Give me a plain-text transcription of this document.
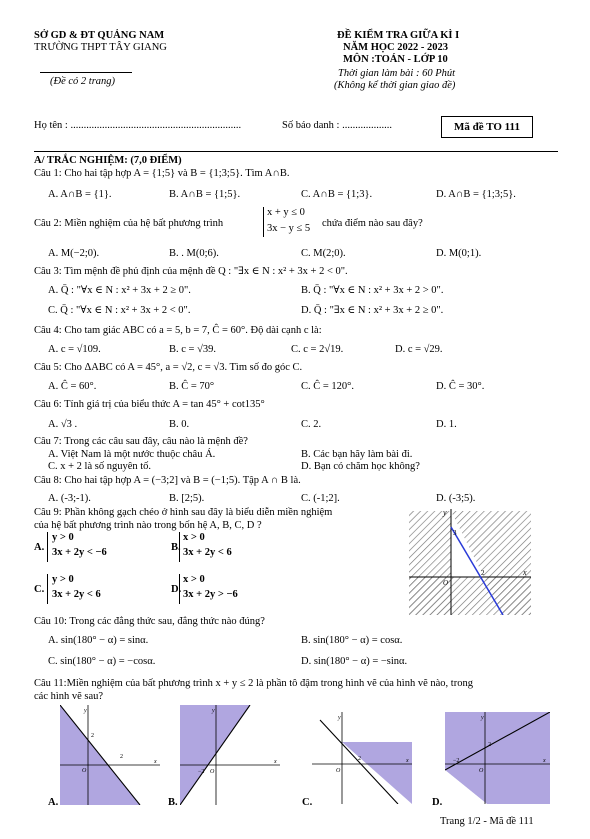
SỞ GD & ĐT QUẢNG NAM
TRƯỜNG THPT TÂY GIANG
(Đề có 2 trang)
ĐỀ KIỂM TRA GIỮA KÌ I
NĂM HỌC 2022 - 2023
MÔN :TOÁN - LỚP 10
Thời gian làm bài : 60 Phút
(Không kể thời gian giao đề)
Họ tên : .................................................................	Số báo danh : ...................	Mã đề TO 111
A/ TRẮC NGHIỆM: (7,0 ĐIỂM)
Câu 1: Cho hai tập hợp A = {1;5} và B = {1;3;5}. Tìm A∩B.
A. A∩B = {1}.	B. A∩B = {1;5}.	C. A∩B = {1;3}.	D. A∩B = {1;3;5}.
Câu 2: Miền nghiệm của hệ bất phương trình
x + y ≤ 0
3x − y ≤ 5 chứa điểm nào sau đây?
A. M(−2;0).	B. . M(0;6).	C. M(2;0).	D. M(0;1).
Câu 3: Tìm mệnh đề phủ định của mệnh đề Q : "∃x ∈ N : x² + 3x + 2 < 0".
A. Q̄ : "∀x ∈ N : x² + 3x + 2 ≥ 0".	B. Q̄ : "∀x ∈ N : x² + 3x + 2 > 0".
C. Q̄ : "∀x ∈ N : x² + 3x + 2 < 0".	D. Q̄ : "∃x ∈ N : x² + 3x + 2 ≥ 0".
Câu 4: Cho tam giác ABC có a = 5, b = 7, Ĉ = 60°. Độ dài cạnh c là:
A. c = √109.	B. c = √39.	C. c = 2√19.	D. c = √29.
Câu 5: Cho ΔABC có A = 45°, a = √2, c = √3. Tìm số đo góc C.
A. Ĉ = 60°.	B. Ĉ = 70°	C. Ĉ = 120°.	D. Ĉ = 30°.
Câu 6: Tính giá trị của biểu thức A = tan 45° + cot135°
A. √3 .	B. 0.	C. 2.	D. 1.
Câu 7: Trong các câu sau đây, câu nào là mệnh đề?
A. Việt Nam là một nước thuộc châu Á.	B. Các bạn hãy làm bài đi.
C. x + 2 là số nguyên tố.	D. Bạn có chăm học không?
Câu 8: Cho hai tập hợp A = (−3;2] và B = (−1;5). Tập A ∩ B là.
A. (-3;-1).	B. [2;5).	C. (-1;2].	D. (-3;5).
Câu 9: Phần không gạch chéo ở hình sau đây là biểu diễn miền nghiệm
của hệ bất phương trình nào trong bốn hệ A, B, C, D ?
A.
y > 0
3x + 2y < −6	B.
x > 0
3x + 2y < 6
C.
y > 0
3x + 2y < 6	D.
x > 0
3x + 2y > −6
y
x
3
2
O
Câu 10: Trong các đẳng thức sau, đẳng thức nào đúng?
A. sin(180° − α) = sinα.	B. sin(180° − α) = cosα.
C. sin(180° − α) = −cosα.	D. sin(180° − α) = −sinα.
Câu 11:Miền nghiệm của bất phương trình x + y ≤ 2 là phần tô đậm trong hình vẽ của hình vẽ nào, trong
các hình vẽ sau?
y
x
2
2
O
A.
y
x
−2 O
B.
y
x
2
O
C.
y
x
2
−2
O
D.
Trang 1/2 - Mã đề 111
